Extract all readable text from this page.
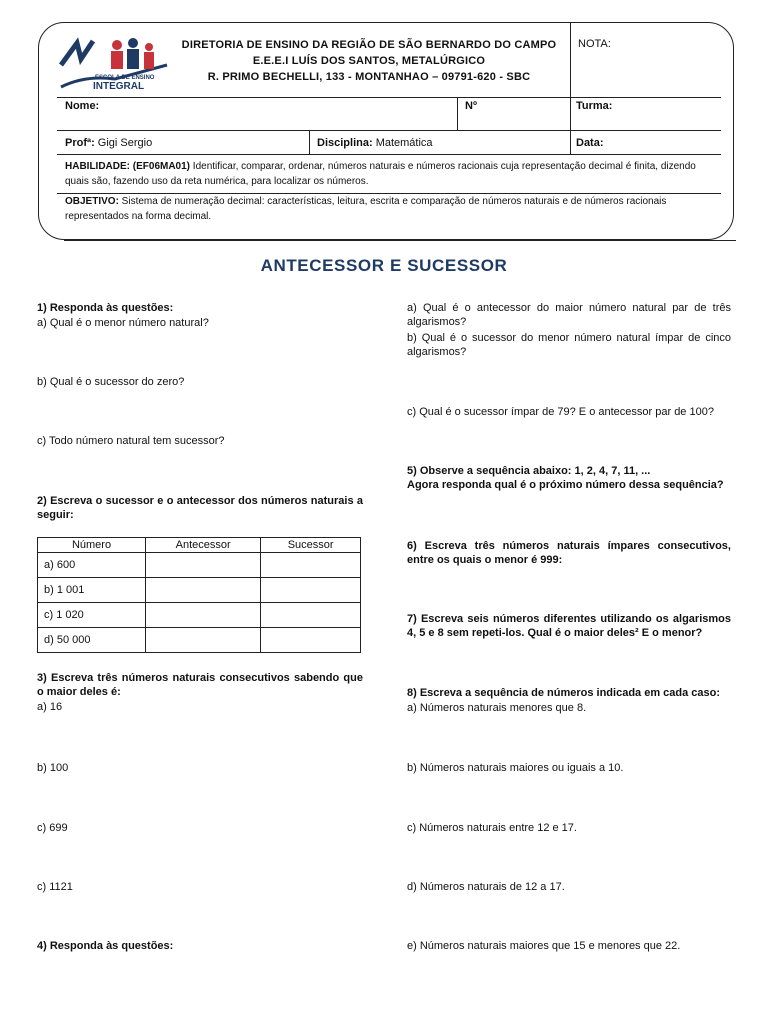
ESCOLA DE ENSINO
INTEGRAL
DIRETORIA DE ENSINO DA REGIÃO DE SÃO BERNARDO DO CAMPO
E.E.E.I LUÍS DOS SANTOS, METALÚRGICO
R. PRIMO BECHELLI, 133 - MONTANHAO – 09791-620 - SBC
NOTA:
Nome:	Nº	Turma:
Profª: Gigi Sergio	Disciplina: Matemática	Data:
HABILIDADE: (EF06MA01) Identificar, comparar, ordenar, números naturais e números racionais cuja representação decimal é finita, dizendo quais são, fazendo uso da reta numérica, para localizar os números.
OBJETIVO: Sistema de numeração decimal: características, leitura, escrita e comparação de números naturais e de números racionais representados na forma decimal.
ANTECESSOR E SUCESSOR
1) Responda às questões:
a) Qual é o menor número natural?
b) Qual é o sucessor do zero?
c) Todo número natural tem sucessor?
2) Escreva o sucessor e o antecessor dos números naturais a seguir:
Número	Antecessor	Sucessor
a) 600		
b) 1 001		
c) 1 020		
d) 50 000		
3) Escreva três números naturais consecutivos sabendo que o maior deles é:
a) 16
b) 100
c) 699
c) 1121
4) Responda às questões:
a) Qual é o antecessor do maior número natural par de três algarismos?
b) Qual é o sucessor do menor número natural ímpar de cinco algarismos?
c) Qual é o sucessor ímpar de 79? E o antecessor par de 100?
5) Observe a sequência abaixo: 1, 2, 4, 7, 11, ...
Agora responda qual é o próximo número dessa sequência?
6) Escreva três números naturais ímpares consecutivos, entre os quais o menor é 999:
7) Escreva seis números diferentes utilizando os algarismos 4, 5 e 8 sem repeti-los. Qual é o maior deles² E o menor?
8) Escreva a sequência de números indicada em cada caso:
a) Números naturais menores que 8.
b) Números naturais maiores ou iguais a 10.
c) Números naturais entre 12 e 17.
d) Números naturais de 12 a 17.
e) Números naturais maiores que 15 e menores que 22.
